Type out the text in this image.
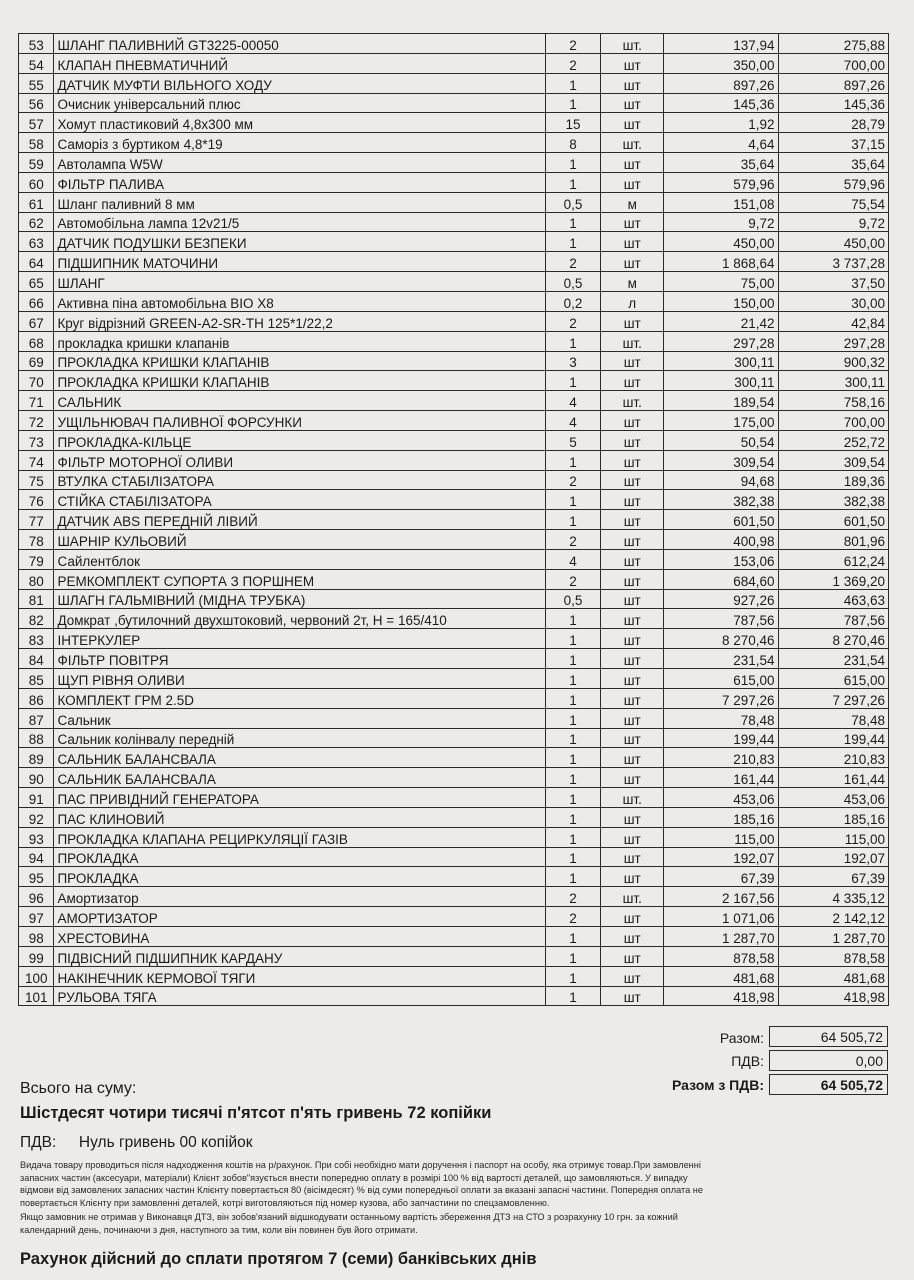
53	ШЛАНГ ПАЛИВНИЙ GT3225-00050	2	шт.	137,94	275,88
54	КЛАПАН ПНЕВМАТИЧНИЙ	2	шт	350,00	700,00
55	ДАТЧИК МУФТИ ВІЛЬНОГО ХОДУ	1	шт	897,26	897,26
56	Очисник універсальний плюс	1	шт	145,36	145,36
57	Хомут пластиковий 4,8х300 мм	15	шт	1,92	28,79
58	Саморіз з буртиком 4,8*19	8	шт.	4,64	37,15
59	Автолампа W5W	1	шт	35,64	35,64
60	ФІЛЬТР ПАЛИВА	1	шт	579,96	579,96
61	Шланг паливний 8 мм	0,5	м	151,08	75,54
62	Автомобільна лампа 12v21/5	1	шт	9,72	9,72
63	ДАТЧИК ПОДУШКИ БЕЗПЕКИ	1	шт	450,00	450,00
64	ПІДШИПНИК МАТОЧИНИ	2	шт	1 868,64	3 737,28
65	ШЛАНГ	0,5	м	75,00	37,50
66	Активна піна автомобільна BIO X8	0,2	л	150,00	30,00
67	Круг відрізний GREEN-A2-SR-TH 125*1/22,2	2	шт	21,42	42,84
68	прокладка кришки клапанів	1	шт.	297,28	297,28
69	ПРОКЛАДКА КРИШКИ КЛАПАНІВ	3	шт	300,11	900,32
70	ПРОКЛАДКА КРИШКИ КЛАПАНІВ	1	шт	300,11	300,11
71	САЛЬНИК	4	шт.	189,54	758,16
72	УЩІЛЬНЮВАЧ ПАЛИВНОЇ ФОРСУНКИ	4	шт	175,00	700,00
73	ПРОКЛАДКА-КІЛЬЦЕ	5	шт	50,54	252,72
74	ФІЛЬТР МОТОРНОЇ ОЛИВИ	1	шт	309,54	309,54
75	ВТУЛКА СТАБІЛІЗАТОРА	2	шт	94,68	189,36
76	СТІЙКА СТАБІЛІЗАТОРА	1	шт	382,38	382,38
77	ДАТЧИК ABS ПЕРЕДНІЙ ЛІВИЙ	1	шт	601,50	601,50
78	ШАРНІР КУЛЬОВИЙ	2	шт	400,98	801,96
79	Сайлентблок	4	шт	153,06	612,24
80	РЕМКОМПЛЕКТ СУПОРТА З ПОРШНЕМ	2	шт	684,60	1 369,20
81	ШЛАГН ГАЛЬМІВНИЙ (МІДНА ТРУБКА)	0,5	шт	927,26	463,63
82	Домкрат ,бутилочний двухштоковий, червоний 2т, H = 165/410	1	шт	787,56	787,56
83	ІНТЕРКУЛЕР	1	шт	8 270,46	8 270,46
84	ФІЛЬТР ПОВІТРЯ	1	шт	231,54	231,54
85	ЩУП РІВНЯ ОЛИВИ	1	шт	615,00	615,00
86	КОМПЛЕКТ ГРМ 2.5D	1	шт	7 297,26	7 297,26
87	Сальник	1	шт	78,48	78,48
88	Сальник колінвалу передній	1	шт	199,44	199,44
89	САЛЬНИК БАЛАНСВАЛА	1	шт	210,83	210,83
90	САЛЬНИК БАЛАНСВАЛА	1	шт	161,44	161,44
91	ПАС ПРИВІДНИЙ ГЕНЕРАТОРА	1	шт.	453,06	453,06
92	ПАС КЛИНОВИЙ	1	шт	185,16	185,16
93	ПРОКЛАДКА КЛАПАНА РЕЦИРКУЛЯЦІЇ ГАЗІВ	1	шт	115,00	115,00
94	ПРОКЛАДКА	1	шт	192,07	192,07
95	ПРОКЛАДКА	1	шт	67,39	67,39
96	Амортизатор	2	шт.	2 167,56	4 335,12
97	АМОРТИЗАТОР	2	шт	1 071,06	2 142,12
98	ХРЕСТОВИНА	1	шт	1 287,70	1 287,70
99	ПІДВІСНИЙ ПІДШИПНИК КАРДАНУ	1	шт	878,58	878,58
100	НАКІНЕЧНИК КЕРМОВОЇ ТЯГИ	1	шт	481,68	481,68
101	РУЛЬОВА ТЯГА	1	шт	418,98	418,98
Разом:	64 505,72
ПДВ:	0,00
Разом з ПДВ:	64 505,72
Всього на суму:
Шістдесят чотири тисячі п'ятсот п'ять гривень 72 копійки
ПДВ: Нуль гривень 00 копійок
Видача товару проводиться після надходження коштів на р/рахунок. При собі необхідно мати доручення і паспорт на особу, яка отримує товар.При замовленні
запасних частин (аксесуари, матеріали) Клієнт зобов"язується внести попередню оплату в розмірі 100 % від вартості деталей, що замовляються. У випадку
відмови від замовлених запасних частин Клієнту повертається 80 (вісімдесят) % від суми попередньої оплати за вказані запасні частини. Попередня оплата не
повертається Клієнту при замовленні деталей, котрі виготовляються під номер кузова, або запчастини по спецзамовленню.
Якщо замовник не отримав у Виконавця ДТЗ, він зобов'язаний відшкодувати останньому вартість збереження ДТЗ на СТО з розрахунку 10 грн. за кожний
календарний день, починаючи з дня, наступного за тим, коли він повинен був його отримати.
Рахунок дійсний до сплати протягом 7 (семи) банківських днів
